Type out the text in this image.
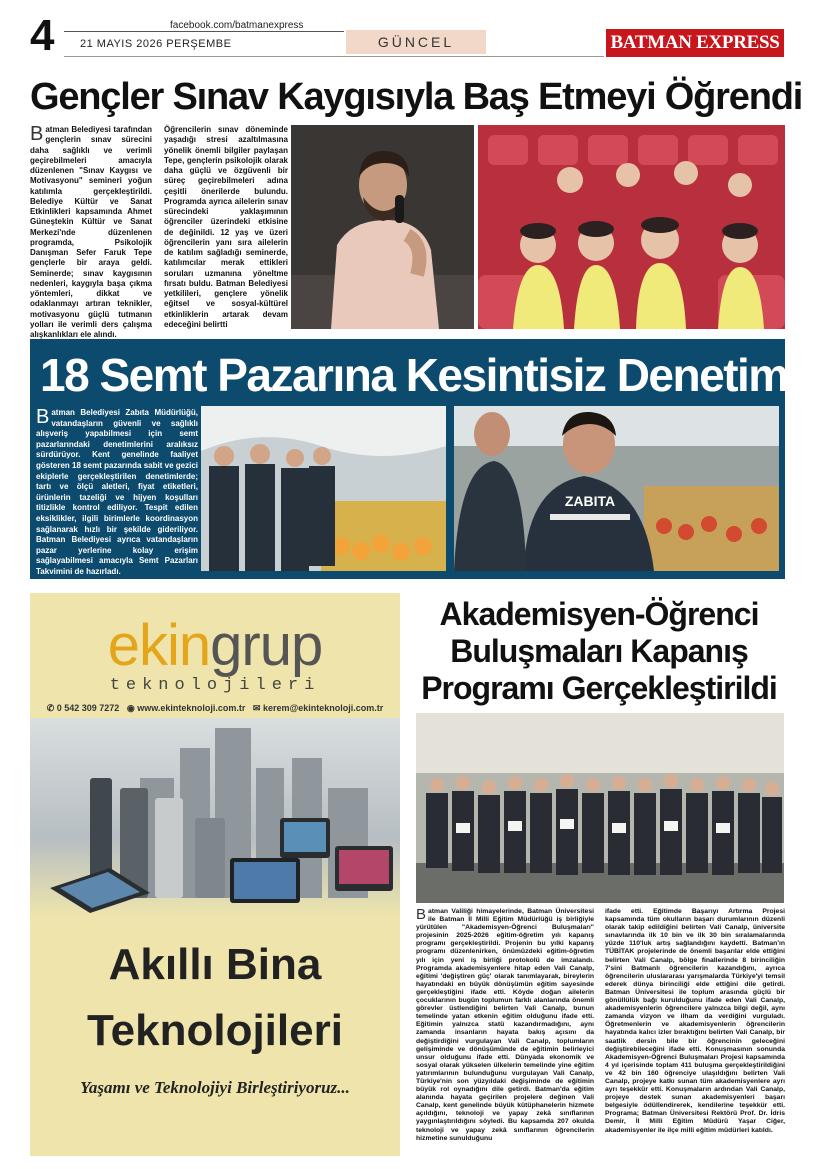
4	facebook.com/batmanexpress
21 MAYIS 2026 PERŞEMBE	GÜNCEL	BATMAN EXPRESS
Gençler Sınav Kaygısıyla Baş Etmeyi Öğrendi
Batman Belediyesi tarafından gençlerin sınav sürecini daha sağlıklı ve verimli geçirebilmeleri amacıyla düzenlenen "Sınav Kaygısı ve Motivasyonu" semineri yoğun katılımla gerçekleştirildi. Belediye Kültür ve Sanat Etkinlikleri kapsamında Ahmet Güneştekin Kültür ve Sanat Merkezi'nde düzenlenen programda, Psikolojik Danışman Sefer Faruk Tepe gençlerle bir araya geldi. Seminerde; sınav kaygısının nedenleri, kaygıyla başa çıkma yöntemleri, dikkat ve odaklanmayı artıran teknikler, motivasyonu güçlü tutmanın yolları ile verimli ders çalışma alışkanlıkları ele alındı.
Öğrencilerin sınav döneminde yaşadığı stresi azaltılmasına yönelik önemli bilgiler paylaşan Tepe, gençlerin psikolojik olarak daha güçlü ve özgüvenli bir süreç geçirebilmeleri adına çeşitli önerilerde bulundu. Programda ayrıca ailelerin sınav sürecindeki yaklaşımının öğrenciler üzerindeki etkisine de değinildi. 12 yaş ve üzeri öğrencilerin yanı sıra ailelerin de katılım sağladığı seminerde, katılımcılar merak ettikleri soruları uzmanına yöneltme fırsatı buldu. Batman Belediyesi yetkilileri, gençlere yönelik eğitsel ve sosyal-kültürel etkinliklerin artarak devam edeceğini belirtti
18 Semt Pazarına Kesintisiz Denetim
Batman Belediyesi Zabıta Müdürlüğü, vatandaşların güvenli ve sağlıklı alışveriş yapabilmesi için semt pazarlarındaki denetimlerini aralıksız sürdürüyor. Kent genelinde faaliyet gösteren 18 semt pazarında sabit ve gezici ekiplerle gerçekleştirilen denetimlerde; tartı ve ölçü aletleri, fiyat etiketleri, ürünlerin tazeliği ve hijyen koşulları titizlikle kontrol ediliyor. Tespit edilen eksiklikler, ilgili birimlerle koordinasyon sağlanarak hızlı bir şekilde gideriliyor. Batman Belediyesi ayrıca vatandaşların pazar yerlerine kolay erişim sağlayabilmesi amacıyla Semt Pazarları Takvimini de hazırladı.
ZABITA
ekingrup
teknolojileri
✆ 0 542 309 7272 ◉ www.ekinteknoloji.com.tr ✉ kerem@ekinteknoloji.com.tr
Akıllı Bina
Teknolojileri
Yaşamı ve Teknolojiyi Birleştiriyoruz...
Akademisyen-Öğrenci Buluşmaları Kapanış Programı Gerçekleştirildi
Batman Valiliği himayelerinde, Batman Üniversitesi ile Batman İl Milli Eğitim Müdürlüğü iş birliğiyle yürütülen "Akademisyen-Öğrenci Buluşmaları" projesinin 2025-2026 eğitim-öğretim yılı kapanış programı gerçekleştirildi. Projenin bu yılki kapanış programı düzenlenirken, önümüzdeki eğitim-öğretim yılı için yeni iş birliği protokolü de imzalandı. Programda akademisyenlere hitap eden Vali Canalp, eğitimi 'değiştiren güç' olarak tanımlayarak, bireylerin hayatındaki en büyük dönüşümün eğitim sayesinde gerçekleştiğini ifade etti. Köyde doğan ailelerin çocuklarının bugün toplumun farklı alanlarında önemli görevler üstlendiğini belirten Vali Canalp, bunun temelinde yatan etkenin eğitim olduğunu ifade etti. Eğitimin yalnızca statü kazandırmadığını, aynı zamanda insanların hayata bakış açısını da değiştirdiğini vurgulayan Vali Canalp, toplumların gelişiminde ve dönüşümünde de eğitimin belirleyici unsur olduğunu ifade etti. Dünyada ekonomik ve sosyal olarak yükselen ülkelerin temelinde yine eğitim yatırımlarının bulunduğunu vurgulayan Vali Canalp, Türkiye'nin son yüzyıldaki değişiminde de eğitimin büyük rol oynadığını dile getirdi. Batman'da eğitim alanında hayata geçirilen projelere değinen Vali Canalp, kent genelinde büyük kütüphanelerin hizmete açıldığını, teknoloji ve yapay zekâ sınıflarının yaygınlaştırıldığını söyledi. Bu kapsamda 207 okulda teknoloji ve yapay zekâ sınıflarının öğrencilerin hizmetine sunulduğunu
ifade etti. Eğitimde Başarıyı Artırma Projesi kapsamında tüm okulların başarı durumlarının düzenli olarak takip edildiğini belirten Vali Canalp, üniversite sınavlarında ilk 10 bin ve ilk 30 bin sıralamalarında yüzde 110'luk artış sağlandığını kaydetti. Batman'ın TÜBİTAK projelerinde de önemli başarılar elde ettiğini belirten Vali Canalp, bölge finallerinde 8 birinciliğin 7'sini Batmanlı öğrencilerin kazandığını, ayrıca öğrencilerin uluslararası yarışmalarda Türkiye'yi temsil ederek dünya birinciliği elde ettiğini dile getirdi. Batman Üniversitesi ile toplum arasında güçlü bir gönüllülük bağı kurulduğunu ifade eden Vali Canalp, akademisyenlerin öğrencilere yalnızca bilgi değil, aynı zamanda vizyon ve ilham da verdiğini vurguladı. Öğretmenlerin ve akademisyenlerin öğrencilerin hayatında kalıcı izler bıraktığını belirten Vali Canalp, bir saatlik dersin bile bir öğrencinin geleceğini değiştirebileceğini ifade etti. Konuşmasının sonunda Akademisyen-Öğrenci Buluşmaları Projesi kapsamında 4 yıl içerisinde toplam 411 buluşma gerçekleştirildiğini ve 42 bin 160 öğrenciye ulaşıldığını belirten Vali Canalp, projeye katkı sunan tüm akademisyenlere ayrı ayrı teşekkür etti. Konuşmaların ardından Vali Canalp, projeye destek sunan akademisyenleri başarı belgesiyle ödüllendirerek, kendilerine teşekkür etti. Programa; Batman Üniversitesi Rektörü Prof. Dr. İdris Demir, İl Milli Eğitim Müdürü Yaşar Ciğer, akademisyenler ile ilçe milli eğitim müdürleri katıldı.
